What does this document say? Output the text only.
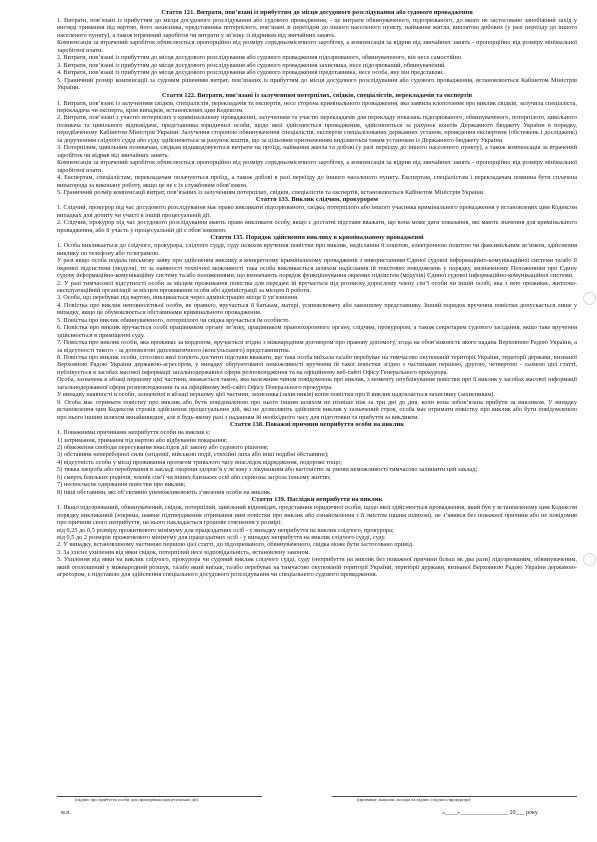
Стаття 121. Витрати, пов’язані із прибуттям до місця досудового розслідування або судового провадження

1. Витрати, пов’язані із прибуттям до місця досудового розслідування або судового провадження, - це витрати обвинуваченого, підозрюваного, до якого не застосовано запобіжний захід у вигляді тримання під вартою, його захисника, представника потерпілого, пов’язані зі переїздом до іншого населеного пункту, наймання житла, виплатою добових (у разі переїзду до іншого населеного пункту), а також втрачений заробіток чи витрати у зв’язку із відривом від звичайних занять.

Компенсація за втрачений заробіток обчислюється пропорційно від розміру середньомісячного заробітку, а компенсація за відрив від звичайних занять - пропорційно від розміру мінімальної заробітної плати.

2. Витрати, пов’язані із прибуттям до місця досудового розслідування або судового провадження підозрюваного, обвинуваченого, він несе самостійно.

3. Витрати, пов’язані із прибуттям до місця досудового розслідування або судового провадження захисника, несе підозрюваний, обвинувачений.

4. Витрати, пов’язані із прибуттям до місця досудового розслідування або судового провадження представника, несе особа, яку він представляє.

5. Граничний розмір компенсації за судовим рішенням витрат, пов’язаних із прибуттям до місця досудового розслідування або судового провадження, встановлюється Кабінетом Міністрів України.

Стаття 122. Витрати, пов’язані із залученням потерпілих, свідків, спеціалістів, перекладачів та експертів

1. Витрати, пов’язані із залученням свідків, спеціалістів, перекладачів та експертів, несе сторона кримінального провадження, яка заявила клопотання про виклик свідків, залучила спеціаліста, перекладача чи експерта, крім випадків, встановлених цим Кодексом.

2. Витрати, пов’язані з участю потерпілих у кримінальному провадженні, залученням та участю перекладачів для перекладу показань підозрюваного, обвинуваченого, потерпілого, цивільного позивача та цивільного відповідача, представника юридичної особи, щодо якої здійснюється провадження, здійснюються за рахунок коштів Державного бюджету України в порядку, передбаченому Кабінетом Міністрів України. Залучення стороною обвинувачення спеціалістів, експертів спеціалізованих державних установ, проведення експертизи (обстежень і досліджень) за дорученням слідчого судді або суду здійснюються за рахунок коштів, що за цільовим призначенням виділяються таким установам із Державного бюджету України.

3. Потерпілим, цивільним позивачам, свідкам відшкодовуються витрати на проїзд, наймання житла та добові (у разі переїзду до іншого населеного пункту), а також компенсація за втрачений заробіток чи відрив від звичайних занять.

Компенсація за втрачений заробіток обчислюється пропорційно від розміру середньомісячного заробітку, а компенсація за відрив від звичайних занять - пропорційно від розміру мінімальної заробітної плати.

4. Експертам, спеціалістам, перекладачам оплачуються проїзд, а також добові в разі переїзду до іншого населеного пункту. Експертам, спеціалістам і перекладачам повинна бути сплачена винагорода за виконану роботу, якщо це не є їх службовим обов’язком.

5. Граничний розмір компенсації витрат, пов’язаних із залученням потерпілих, свідків, спеціалістів та експертів, встановлюється Кабінетом Міністрів України.

Стаття 133. Виклик слідчим, прокурором

1. Слідчий, прокурор під час досудового розслідування має право викликати підозрюваного, свідка, потерпілого або іншого учасника кримінального провадження у встановлених цим Кодексом випадках для допиту чи участі в іншій процесуальній дії.

2. Слідчий, прокурор під час досудового розслідування мають право викликати особу, якщо є достатні підстави вважати, що вона може дати показання, які мають значення для кримінального провадження, або її участь у процесуальній дії є обов’язковою.

Стаття 135. Порядок здійснення виклику в кримінальному провадженні

1. Особа викликається до слідчого, прокурора, слідчого судді, суду шляхом вручення повістки про виклик, надіслання її поштою, електронною поштою чи факсимільним зв’язком, здійснення виклику по телефону або телеграмою.

У разі якщо особа подала письмову заяву про здійснення виклику в конкретному кримінальному провадженні з використанням Єдиної судової інформаційно-комунікаційної системи та/або її окремої підсистеми (модуля), то за наявності технічної можливості така особа викликається шляхом надіслання їй текстових повідомлень у порядку, визначеному Положенням про Єдину судову інформаційно-комунікаційну систему та/або положеннями, що визначають порядок функціонування окремих підсистем (модулів) Єдиної судової інформаційно-комунікаційної системи.

2. У разі тимчасової відсутності особи за місцем проживання повістка для передачі їй вручається під розписку дорослому члену сім’ї особи чи іншій особі, яка з нею проживає, житлово-експлуатаційній організації за місцем проживання особи або адміністрації за місцем її роботи.

3. Особа, що перебуває під вартою, викликається через адміністрацію місця її ув’язнення.

4. Повістка про виклик неповнолітньої особи, як правило, вручається її батькам, матері, усиновлювачу або законному представнику. Інший порядок вручення повістки допускається лише у випадку, якщо це обумовлюється обставинами кримінального провадження.

5. Повістка про виклик обвинуваченого, потерпілого чи свідка вручається їм особисто.

6. Повістка про виклик вручається особі працівником органу зв’язку, працівником правоохоронного органу, слідчим, прокурором, а також секретарем судового засідання, якщо таке вручення здійснюється в приміщенні суду.

7. Повістка про виклик особи, яка проживає за кордоном, вручається згідно з міжнародним договором про правову допомогу, згода на обов’язковість якого надана Верховною Радою України, а за відсутності такого - за допомогою дипломатичного (консульського) представництва.

8. Повістка про виклик особи, стосовно якої існують достатні підстави вважати, що така особа виїхала та/або перебуває на тимчасово окупованій території України, території держави, визнаної Верховною Радою України державою-агресором, у випадку обґрунтованої неможливості вручення їй такої повістки згідно з частинами першою, другою, четвертою - сьомою цієї статті, публікується в засобах масової інформації загальнодержавної сфери розповсюдження та на офіційному веб-сайті Офісу Генерального прокурора.

Особа, зазначена в абзаці першому цієї частини, вважається такою, яка належним чином повідомлена про виклик, з моменту опублікування повістки про її виклик у засобах масової інформації загальнодержавної сфери розповсюдження та на офіційному веб-сайті Офісу Генерального прокурора.

У випадку наявності в особи, зазначеної в абзаці першому цієї частини, захисника (захисників) копія повістки про її виклик надсилається захиснику (захисникам).

9. Особа має отримати повістку про виклик або бути повідомленою про нього іншим шляхом не пізніше ніж за три дні до дня, коли вона зобов’язана прибути за викликом. У випадку встановлення цим Кодексом строків здійснення процесуальних дій, які не дозволяють здійснити виклик у зазначений строк, особа має отримати повістку про виклик або бути повідомленою про нього іншим шляхом якнайшвидше, але в будь-якому разі з наданням їй необхідного часу для підготовки та прибуття за викликом.

Стаття 138. Поважні причини неприбуття особи на виклик

1. Поважними причинами неприбуття особи на виклик є:

1) затримання, тримання під вартою або відбування покарання;

2) обмеження свободи пересування внаслідок дії закону або судового рішення;

3) обставини непереборної сили (епідемії, військові події, стихійні лиха або інші подібні обставини);

4) відсутність особи у місці проживання протягом тривалого часу внаслідок відрядження, подорожі тощо;

5) тяжка хвороба або перебування в закладі охорони здоров’я у зв’язку з лікуванням або вагітністю за умови неможливості тимчасово залишити цей заклад;

6) смерть близьких родичів, членів сім’ї чи інших близьких осіб або серйозна загроза їхньому життю;

7) несвоєчасне одержання повістки про виклик;

8) інші обставини, які об’єктивно унеможливлюють з’явлення особи на виклик.

Стаття 139. Наслідки неприбуття на виклик

1. Якщо підозрюваний, обвинувачений, свідок, потерпілий, цивільний відповідач, представник юридичної особи, щодо якої здійснюється провадження, який був у встановленому цим Кодексом порядку викликаний (зокрема, наявне підтвердження отримання ним повістки про виклик або ознайомлення з її змістом іншим шляхом), не з’явився без поважної причини або не повідомив про причини свого неприбуття, на нього накладається грошове стягнення у розмірі:

від 0,25 до 0,5 розміру прожиткового мінімуму для працездатних осіб - у випадку неприбуття на виклик слідчого, прокурора;

від 0,5 до 2 розмірів прожиткового мінімуму для працездатних осіб - у випадку неприбуття на виклик слідчого судді, суду.

2. У випадку, встановленому частиною першою цієї статті, до підозрюваного, обвинуваченого, свідка може бути застосовано привід.

3. За злісне ухилення від явки свідок, потерпілий несе відповідальність, встановлену законом.

5. Ухилення від явки на виклик слідчого, прокурора чи судовий виклик слідчого судді, суду (неприбуття на виклик без поважної причини більш як два рази) підозрюваним, обвинуваченим, який оголошений у міжнародний розшук, та/або який виїхав, та/або перебуває на тимчасово окупованій території України, території держави, визнаної Верховною Радою України державою-агресором, є підставою для здійснення спеціального досудового розслідування чи спеціального судового провадження.

(підпис про прибуття особи для проведення процесуальної дії)	(прізвище, ініціали, посада та підпис слідчого/прокурора)
м.п.	«____»________________ 20___ року
